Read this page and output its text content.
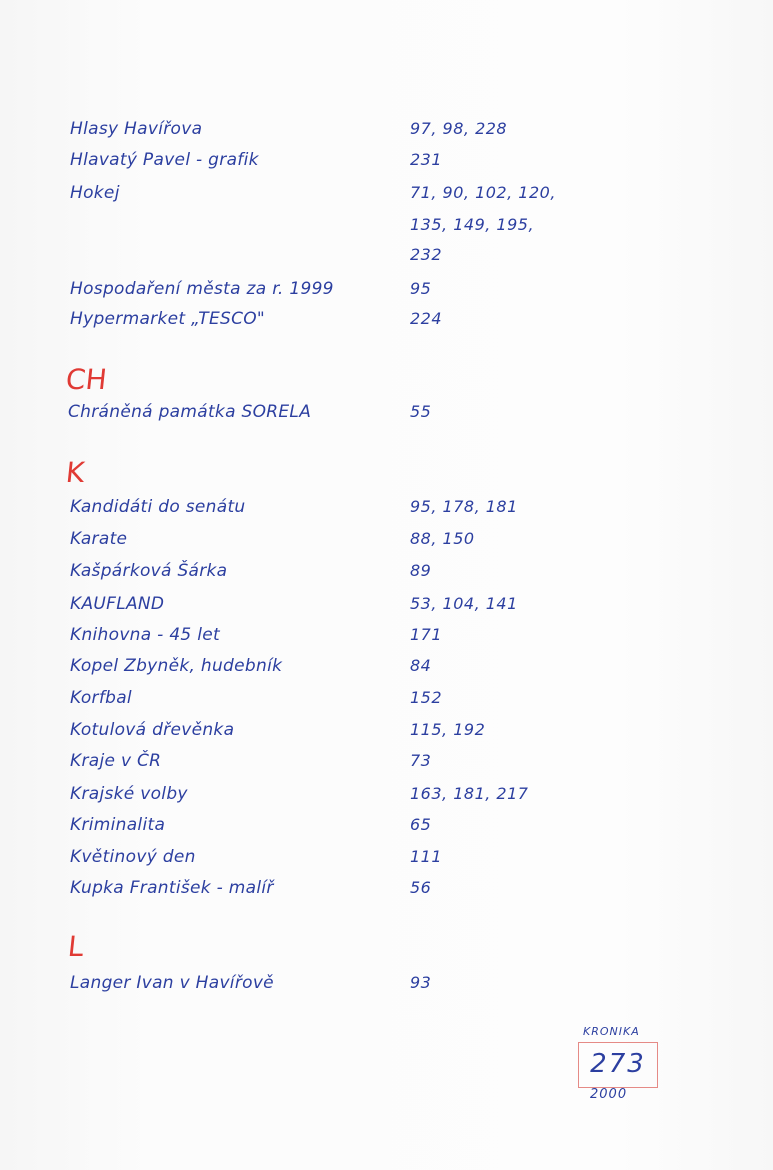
Hlasy Havířova	97, 98, 228
Hlavatý Pavel - grafik	231
Hokej	71, 90, 102, 120,
135, 149, 195,
232
Hospodaření města za r. 1999	95
Hypermarket „TESCO"	224
CH
Chráněná památka SORELA	55
K
Kandidáti do senátu	95, 178, 181
Karate	88, 150
Kašpárková Šárka	89
KAUFLAND	53, 104, 141
Knihovna - 45 let	171
Kopel Zbyněk, hudebník	84
Korfbal	152
Kotulová dřevěnka	115, 192
Kraje v ČR	73
Krajské volby	163, 181, 217
Kriminalita	65
Květinový den	111
Kupka František - malíř	56
L
Langer Ivan v Havířově	93
KRONIKA
273
2000
